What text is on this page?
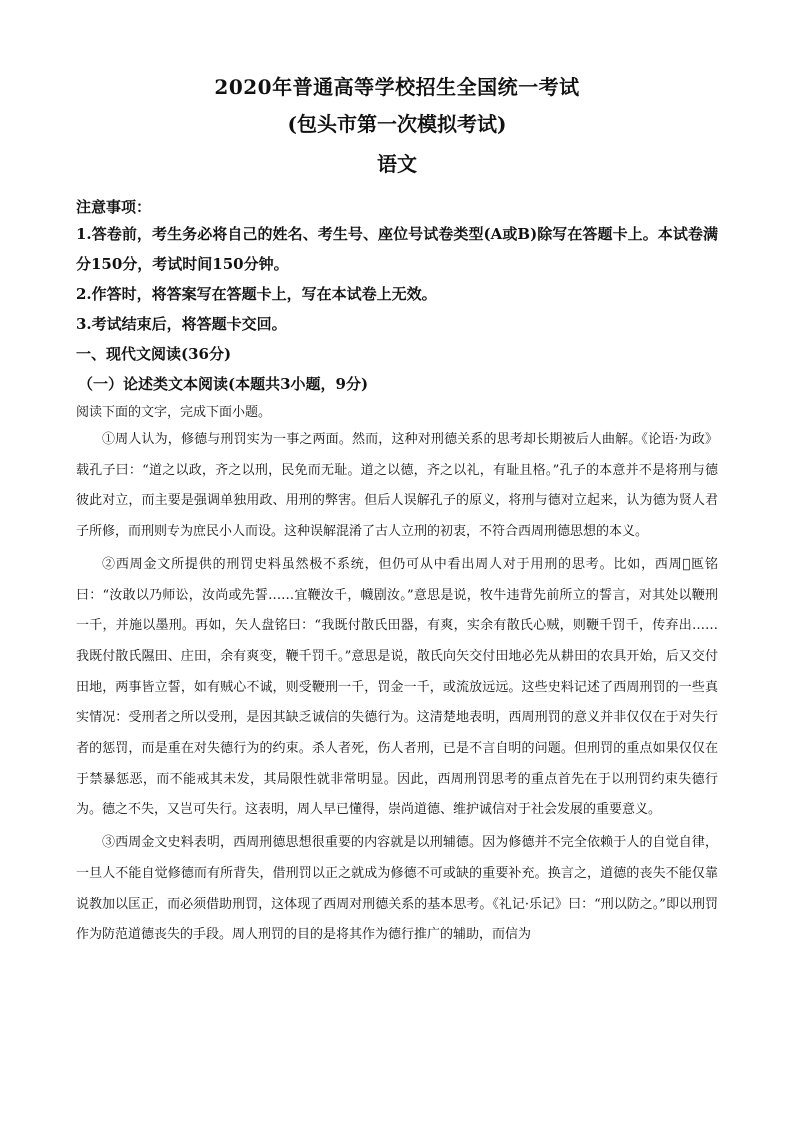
2020年普通高等学校招生全国统一考试
(包头市第一次模拟考试)
语文
注意事项：
1.答卷前，考生务必将自己的姓名、考生号、座位号试卷类型(A或B)除写在答题卡上。本试卷满分150分，考试时间150分钟。
2.作答时，将答案写在答题卡上，写在本试卷上无效。
3.考试结束后，将答题卡交回。
一、现代文阅读(36分)
（一）论述类文本阅读(本题共3小题，9分)
阅读下面的文字，完成下面小题。

①周人认为，修德与刑罚实为一事之两面。然而，这种对刑德关系的思考却长期被后人曲解。《论语·为政》载孔子曰：“道之以政，齐之以刑，民免而无耻。道之以德，齐之以礼，有耻且格。”孔子的本意并不是将刑与德彼此对立，而主要是强调单独用政、用刑的弊害。但后人误解孔子的原义，将刑与德对立起来，认为德为贤人君子所修，而刑则专为庶民小人而设。这种误解混淆了古人立刑的初衷，不符合西周刑德思想的本义。

②西周金文所提供的刑罚史料虽然极不系统，但仍可从中看出周人对于用刑的思考。比如，西周𠑇匜铭曰：“汝敢以乃师讼，汝尚或先誓……宜鞭汝千，幭剧汝。”意思是说，牧牛违背先前所立的誓言，对其处以鞭刑一千，并施以墨刑。再如，矢人盘铭曰：“我既付散氏田器，有爽，实余有散氏心贼，则鞭千罚千，传弃出……我既付散氏隰田、庄田，余有爽变，鞭千罚千。”意思是说，散氏向矢交付田地必先从耕田的农具开始，后又交付田地，两事皆立誓，如有贼心不诚，则受鞭刑一千，罚金一千，或流放远远。这些史料记述了西周刑罚的一些真实情况：受刑者之所以受刑，是因其缺乏诚信的失德行为。这清楚地表明，西周刑罚的意义并非仅仅在于对失行者的惩罚，而是重在对失德行为的约束。杀人者死，伤人者刑，已是不言自明的问题。但刑罚的重点如果仅仅在于禁暴惩恶，而不能戒其未发，其局限性就非常明显。因此，西周刑罚思考的重点首先在于以刑罚约束失德行为。德之不失，又岂可失行。这表明，周人早已懂得，崇尚道德、维护诚信对于社会发展的重要意义。

③西周金文史料表明，西周刑德思想很重要的内容就是以刑辅德。因为修德并不完全依赖于人的自觉自律，一旦人不能自觉修德而有所背失，借刑罚以正之就成为修德不可或缺的重要补充。换言之，道德的丧失不能仅靠说教加以匡正，而必须借助刑罚，这体现了西周对刑德关系的基本思考。《礼记·乐记》曰：“刑以防之。”即以刑罚作为防范道德丧失的手段。周人刑罚的目的是将其作为德行推广的辅助，而信为
